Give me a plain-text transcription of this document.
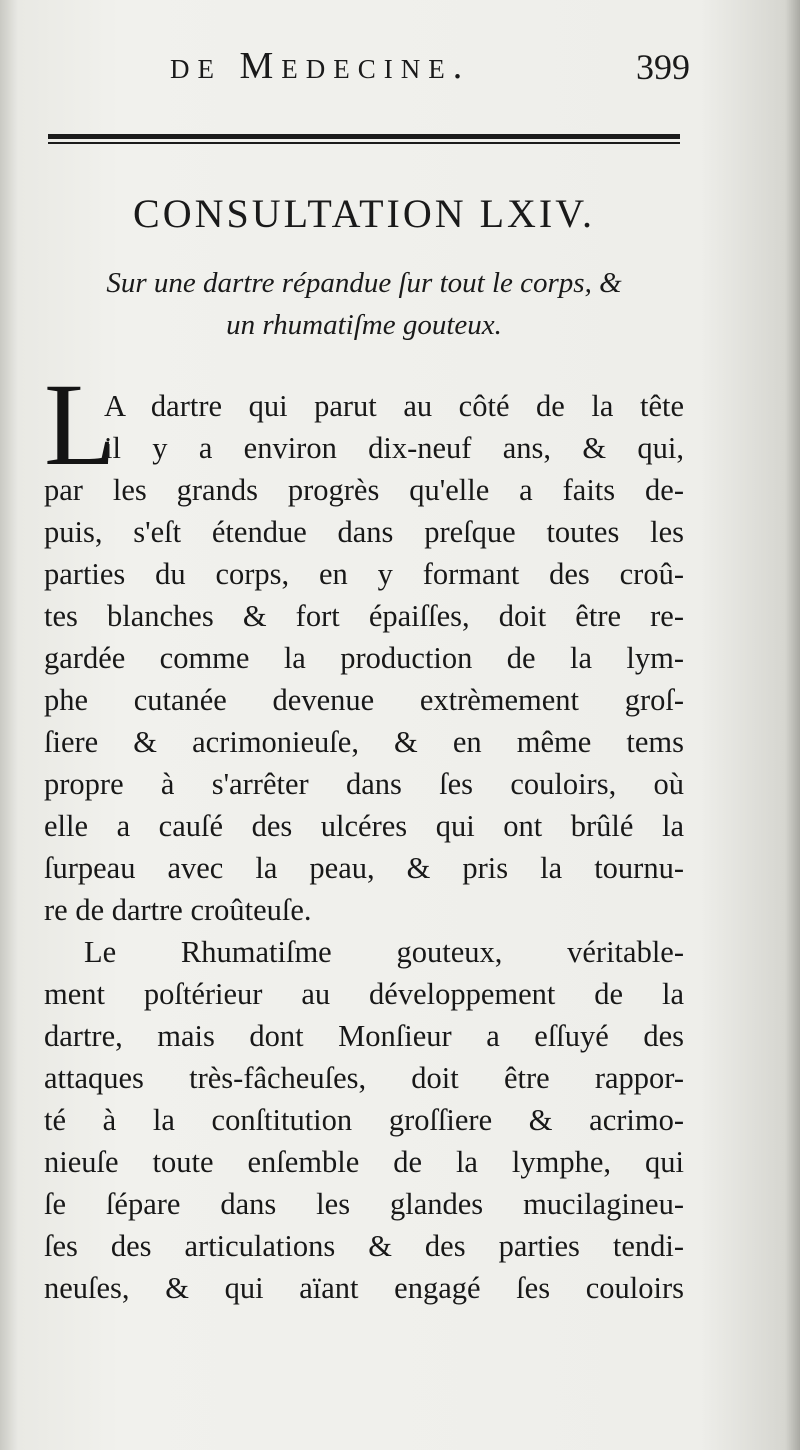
de Medecine.	399
CONSULTATION LXIV.
Sur une dartre répandue ſur tout le corps, &
un rhumatiſme gouteux.
L
A dartre qui parut au côté de la tête
il y a environ dix-neuf ans, & qui,
par les grands progrès qu'elle a faits de-
puis, s'eſt étendue dans preſque toutes les
parties du corps, en y formant des croû-
tes blanches & fort épaiſſes, doit être re-
gardée comme la production de la lym-
phe cutanée devenue extrèmement groſ-
ſiere & acrimonieuſe, & en même tems
propre à s'arrêter dans ſes couloirs, où
elle a cauſé des ulcéres qui ont brûlé la
ſurpeau avec la peau, & pris la tournu-
re de dartre croûteuſe.
Le Rhumatiſme gouteux, véritable-
ment poſtérieur au développement de la
dartre, mais dont Monſieur a eſſuyé des
attaques très-fâcheuſes, doit être rappor-
té à la conſtitution groſſiere & acrimo-
nieuſe toute enſemble de la lymphe, qui
ſe ſépare dans les glandes mucilagineu-
ſes des articulations & des parties tendi-
neuſes, & qui aïant engagé ſes couloirs
